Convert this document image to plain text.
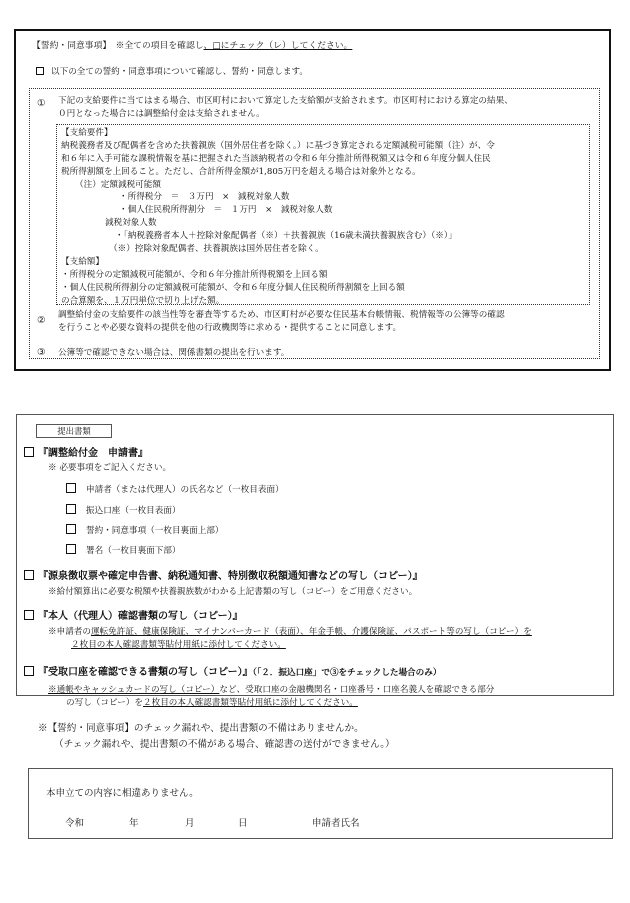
【誓約・同意事項】　※全ての項目を確認し、□にチェック（レ）してください。
以下の全ての誓約・同意事項について確認し、誓約・同意します。
① 下記の支給要件に当てはまる場合、市区町村において算定した支給額が支給されます。市区町村における算定の結果、
０円となった場合には調整給付金は支給されません。
【支給要件】
納税義務者及び配偶者を含めた扶養親族（国外居住者を除く。）に基づき算定される定額減税可能額（注）が、令
和６年に入手可能な課税情報を基に把握された当該納税者の令和６年分推計所得税額又は令和６年度分個人住民
税所得割額を上回ること。ただし、合計所得金額が1,805万円を超える場合は対象外となる。
（注）定額減税可能額
・所得税分　＝　３万円　×　減税対象人数
・個人住民税所得割分　＝　１万円　×　減税対象人数
減税対象人数
・「納税義務者本人＋控除対象配偶者（※）＋扶養親族（16歳未満扶養親族含む）（※）」
（※）控除対象配偶者、扶養親族は国外居住者を除く。
【支給額】
・所得税分の定額減税可能額が、令和６年分推計所得税額を上回る額
・個人住民税所得割分の定額減税可能額が、令和６年度分個人住民税所得割額を上回る額
の合算額を、１万円単位で切り上げた額。
② 調整給付金の支給要件の該当性等を審査等するため、市区町村が必要な住民基本台帳情報、税情報等の公簿等の確認
を行うことや必要な資料の提供を他の行政機関等に求める・提供することに同意します。
③ 公簿等で確認できない場合は、関係書類の提出を行います。
提出書類
『調整給付金　申請書』
※ 必要事項をご記入ください。
申請者（または代理人）の氏名など（一枚目表面）
振込口座（一枚目表面）
誓約・同意事項（一枚目裏面上部）
署名（一枚目裏面下部）
『源泉徴収票や確定申告書、納税通知書、特別徴収税額通知書などの写し（コピー）』
※給付額算出に必要な税額や扶養親族数がわかる上記書類の写し（コピー）をご用意ください。
『本人（代理人）確認書類の写し（コピー）』
※申請者の運転免許証、健康保険証、マイナンバーカード（表面）、年金手帳、介護保険証、パスポート等の写し（コピー）を
２枚目の本人確認書類等貼付用紙に添付してください。
『受取口座を確認できる書類の写し（コピー）』（「２．振込口座」で③をチェックした場合のみ）
※通帳やキャッシュカードの写し（コピー）など、受取口座の金融機関名・口座番号・口座名義人を確認できる部分
の写し（コピー）を２枚目の本人確認書類等貼付用紙に添付してください。
※【誓約・同意事項】のチェック漏れや、提出書類の不備はありませんか。
（チェック漏れや、提出書類の不備がある場合、確認書の送付ができません。）
本申立ての内容に相違ありません。
令和	年	月	日	申請者氏名
